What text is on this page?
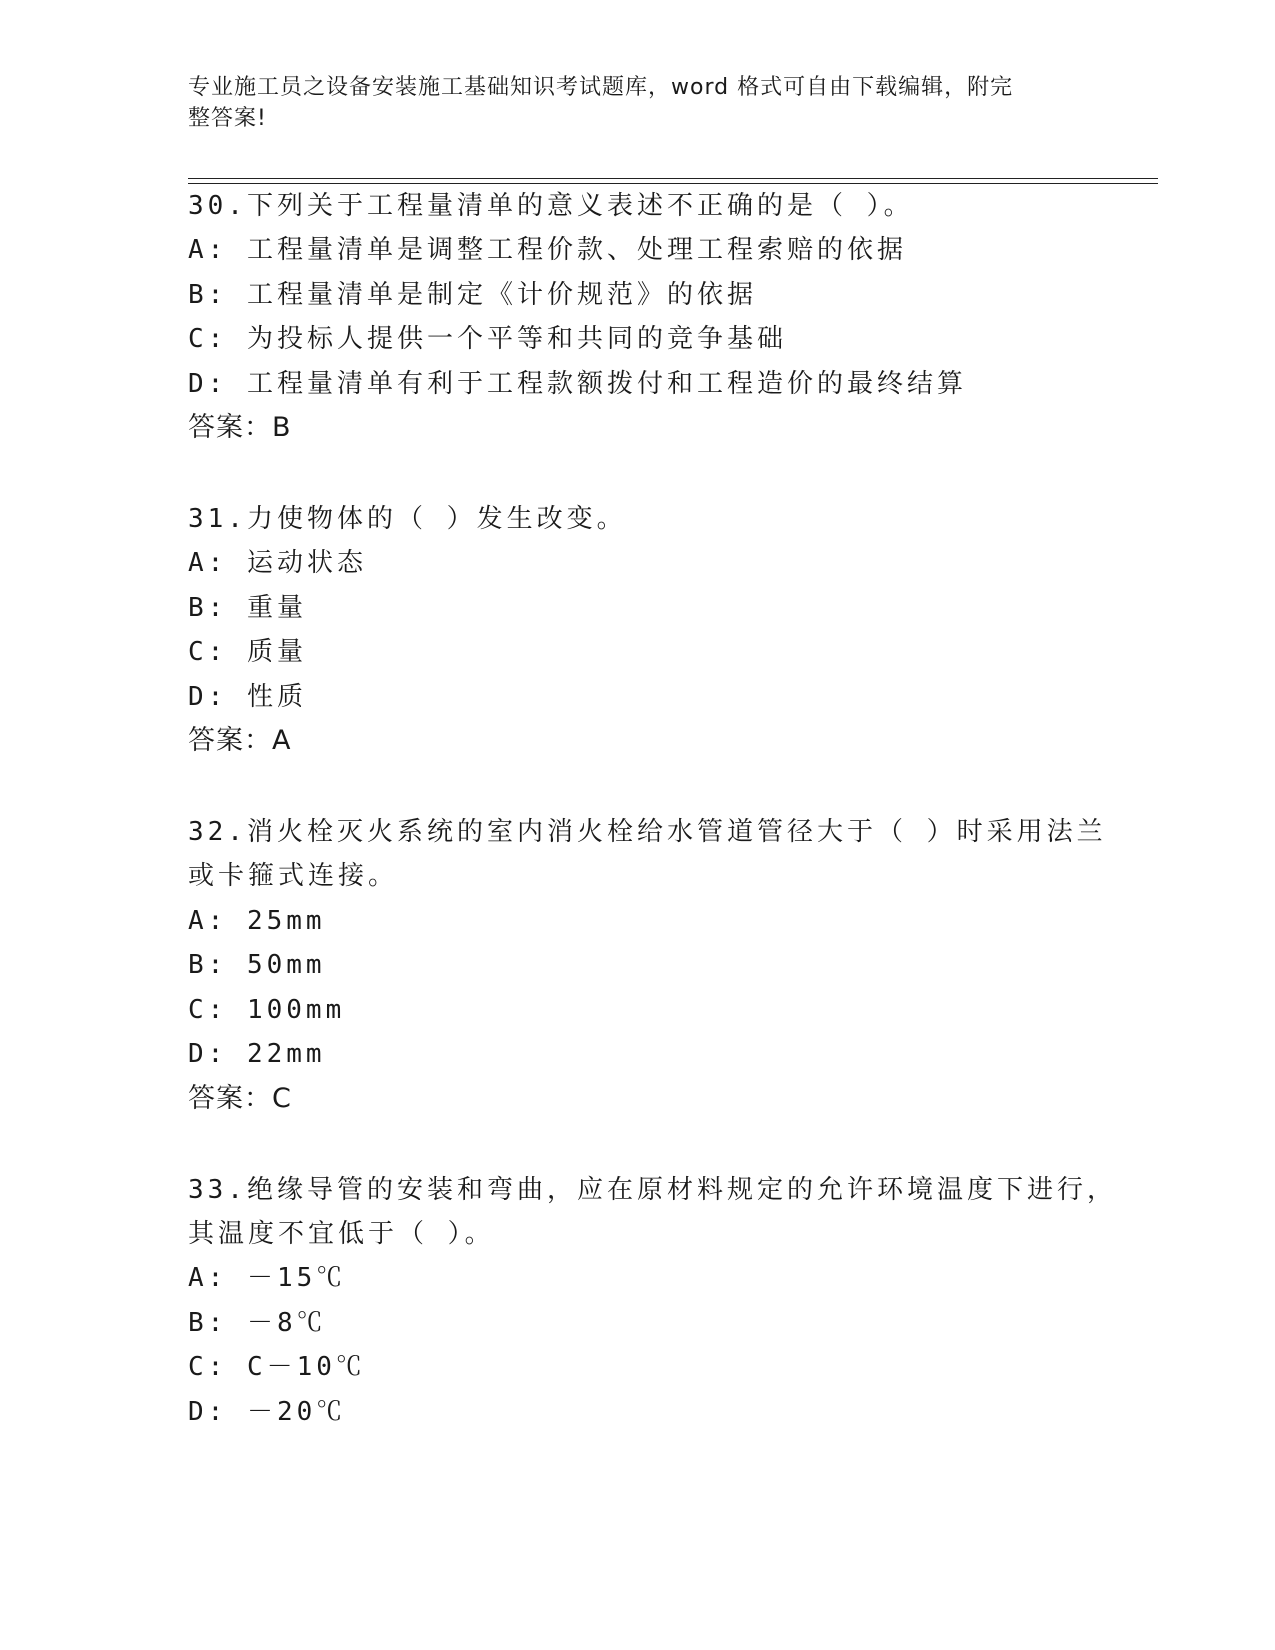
专业施工员之设备安装施工基础知识考试题库，word 格式可自由下载编辑，附完
整答案!
30.下列关于工程量清单的意义表述不正确的是（ ）。
A: 工程量清单是调整工程价款、处理工程索赔的依据
B: 工程量清单是制定《计价规范》的依据
C: 为投标人提供一个平等和共同的竞争基础
D: 工程量清单有利于工程款额拨付和工程造价的最终结算
答案：B
31.力使物体的（ ）发生改变。
A: 运动状态
B: 重量
C: 质量
D: 性质
答案：A
32.消火栓灭火系统的室内消火栓给水管道管径大于（ ）时采用法兰
或卡箍式连接。
A: 25mm
B: 50mm
C: 100mm
D: 22mm
答案：C
33.绝缘导管的安装和弯曲，应在原材料规定的允许环境温度下进行，
其温度不宜低于（ ）。
A: －15℃
B: －8℃
C: C－10℃
D: －20℃
